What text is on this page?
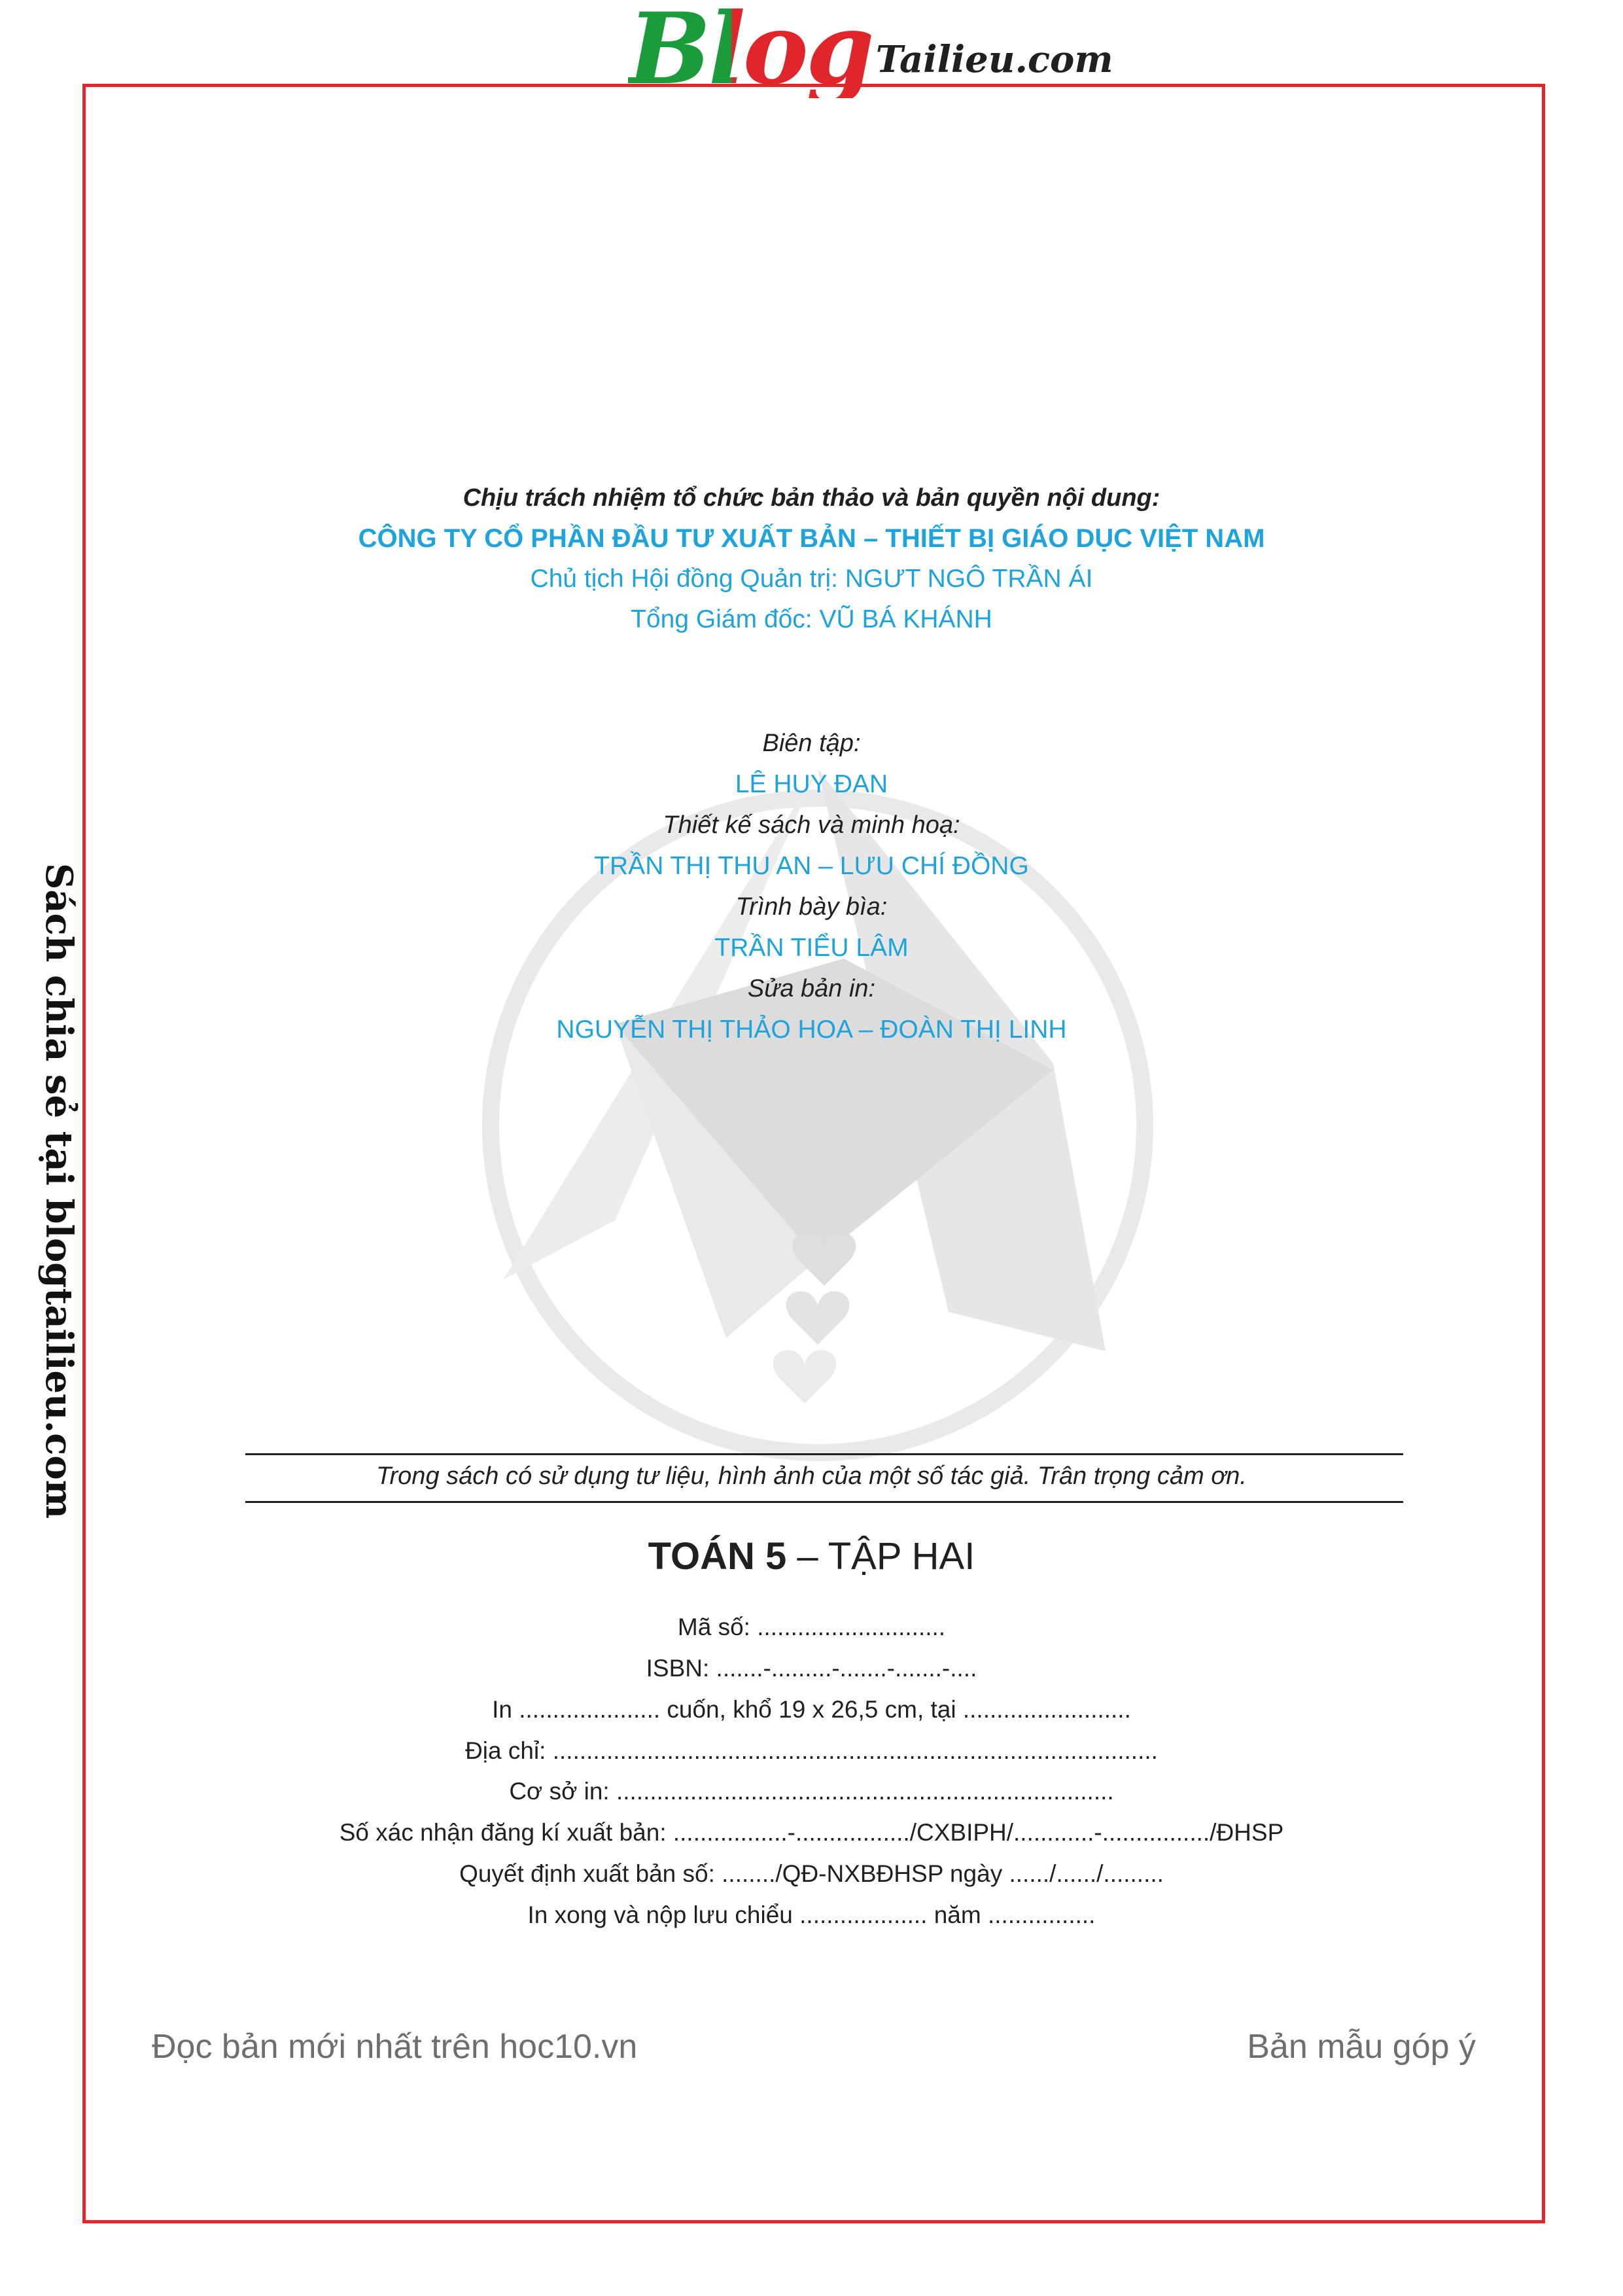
Blog Tailieu.com
Sách chia sẻ tại blogtailieu.com
Chịu trách nhiệm tổ chức bản thảo và bản quyền nội dung:
CÔNG TY CỔ PHẦN ĐẦU TƯ XUẤT BẢN – THIẾT BỊ GIÁO DỤC VIỆT NAM
Chủ tịch Hội đồng Quản trị: NGƯT NGÔ TRẦN ÁI
Tổng Giám đốc: VŨ BÁ KHÁNH
Biên tập:
LÊ HUY ĐAN
Thiết kế sách và minh hoạ:
TRẦN THỊ THU AN – LƯU CHÍ ĐỒNG
Trình bày bìa:
TRẦN TIỂU LÂM
Sửa bản in:
NGUYỄN THỊ THẢO HOA – ĐOÀN THỊ LINH
Trong sách có sử dụng tư liệu, hình ảnh của một số tác giả. Trân trọng cảm ơn.
TOÁN 5 – TẬP HAI
Mã số: ............................
ISBN: .......-.........-.......-.......-....
In ..................... cuốn, khổ 19 x 26,5 cm, tại .........................
Địa chỉ: ..........................................................................................
Cơ sở in: ..........................................................................
Số xác nhận đăng kí xuất bản: .................-................./CXBIPH/............-................/ĐHSP
Quyết định xuất bản số: ......../QĐ-NXBĐHSP ngày ....../....../.........
In xong và nộp lưu chiểu ................... năm ................
Đọc bản mới nhất trên hoc10.vn	Bản mẫu góp ý
